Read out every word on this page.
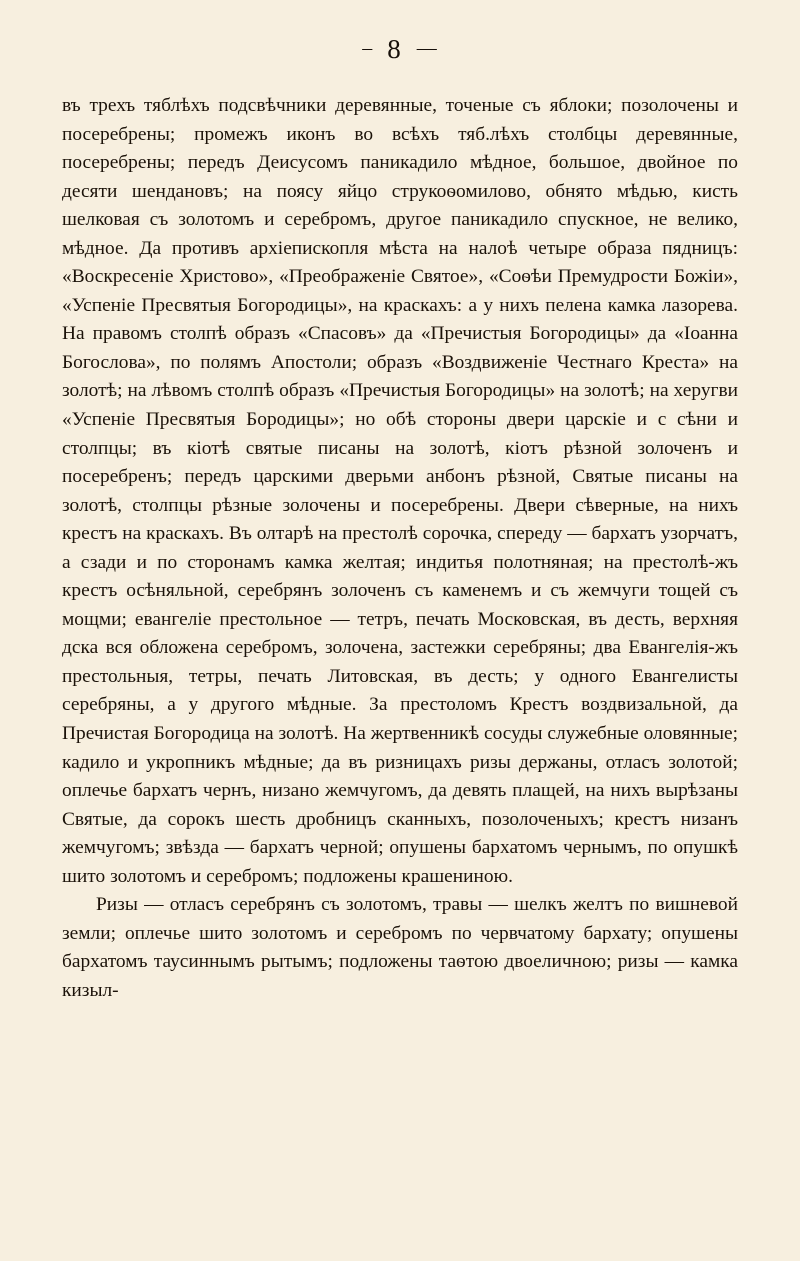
– 8 —

въ трехъ тяблѣхъ подсвѣчники деревянные, точеные съ яблоки; позолочены и посеребрены; промежъ иконъ во всѣхъ тяб.лѣхъ столбцы деревянные, посеребрены; передъ Деисусомъ паникадило мѣдное, большое, двойное по десяти шендановъ; на поясу яйцо струкоѳомилово, обнято мѣдью, кисть шелковая съ золотомъ и серебромъ, другое паникадило спускное, не велико, мѣдное. Да противъ архіепископля мѣста на налоѣ четыре образа пядницъ: «Воскресеніе Христово», «Преображеніе Святое», «Соѳѣи Премудрости Божіи», «Успеніе Пресвятыя Богородицы», на краскахъ: а у нихъ пелена камка лазорева. На правомъ столпѣ образъ «Спасовъ» да «Пречистыя Богородицы» да «Іоанна Богослова», по полямъ Апостоли; образъ «Воздвиженіе Честнаго Креста» на золотѣ; на лѣвомъ столпѣ образъ «Пречистыя Богородицы» на золотѣ; на херугви «Успеніе Пресвятыя Бородицы»; но обѣ стороны двери царскіе и с сѣни и столпцы; въ кіотѣ святые писаны на золотѣ, кіотъ рѣзной золоченъ и посеребренъ; передъ царскими дверьми анбонъ рѣзной, Святые писаны на золотѣ, столпцы рѣзные золочены и посеребрены. Двери сѣверные, на нихъ крестъ на краскахъ. Въ олтарѣ на престолѣ сорочка, спереду — бархатъ узорчатъ, а сзади и по сторонамъ камка желтая; индитья полотняная; на престолѣ-жъ крестъ осѣняльной, серебрянъ золоченъ съ каменемъ и съ жемчуги тощей съ мощми; евангеліе престольное — тетръ, печать Московская, въ десть, верхняя дска вся обложена серебромъ, золочена, застежки серебряны; два Евангелія-жъ престольныя, тетры, печать Литовская, въ десть; у одного Евангелисты серебряны, а у другого мѣдные. За престоломъ Крестъ воздвизальной, да Пречистая Богородица на золотѣ. На жертвенникѣ сосуды служебные оловянные; кадило и укропникъ мѣдные; да въ ризницахъ ризы держаны, отласъ золотой; оплечье бархатъ чернъ, низано жемчугомъ, да девять плащей, на нихъ вырѣзаны Святые, да сорокъ шесть дробницъ сканныхъ, позолоченыхъ; крестъ низанъ жемчугомъ; звѣзда — бархатъ черной; опушены бархатомъ чернымъ, по опушкѣ шито золотомъ и серебромъ; подложены крашениною.

Ризы — отласъ серебрянъ съ золотомъ, травы — шелкъ желтъ по вишневой земли; оплечье шито золотомъ и серебромъ по червчатому бархату; опушены бархатомъ таусиннымъ рытымъ; подложены таѳтою двоеличною; ризы — камка кизыл-
